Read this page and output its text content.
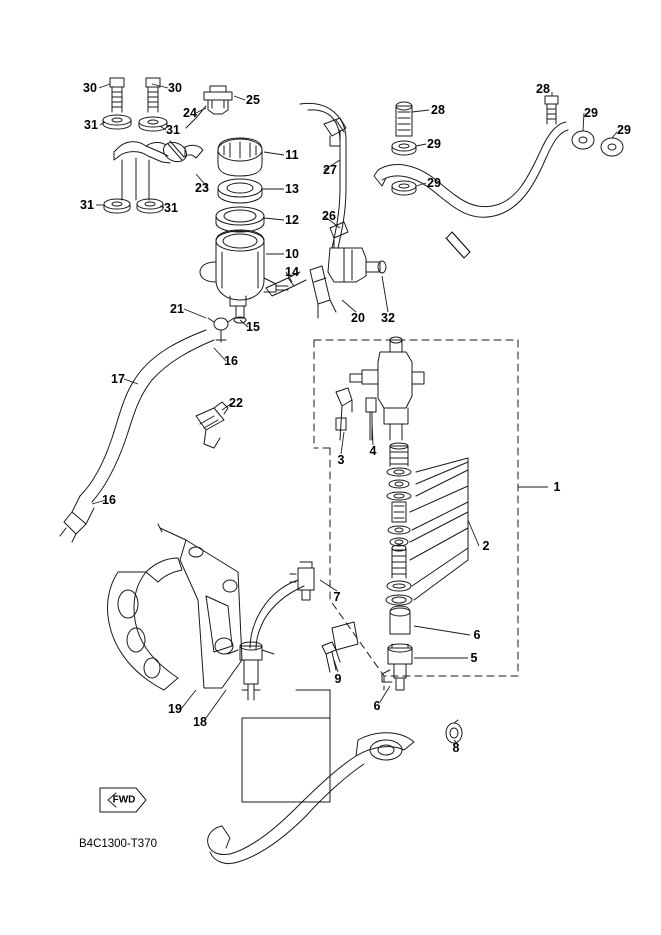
30	30
31	31
25
24	28
28
29
29
29
29
11
27
23	13
31	31
12 26
10
14
21
15
20 32
16
17
22
3
4
1
16
2
7
6
9
5
6
19
18
8
FWD
B4C1300-T370
